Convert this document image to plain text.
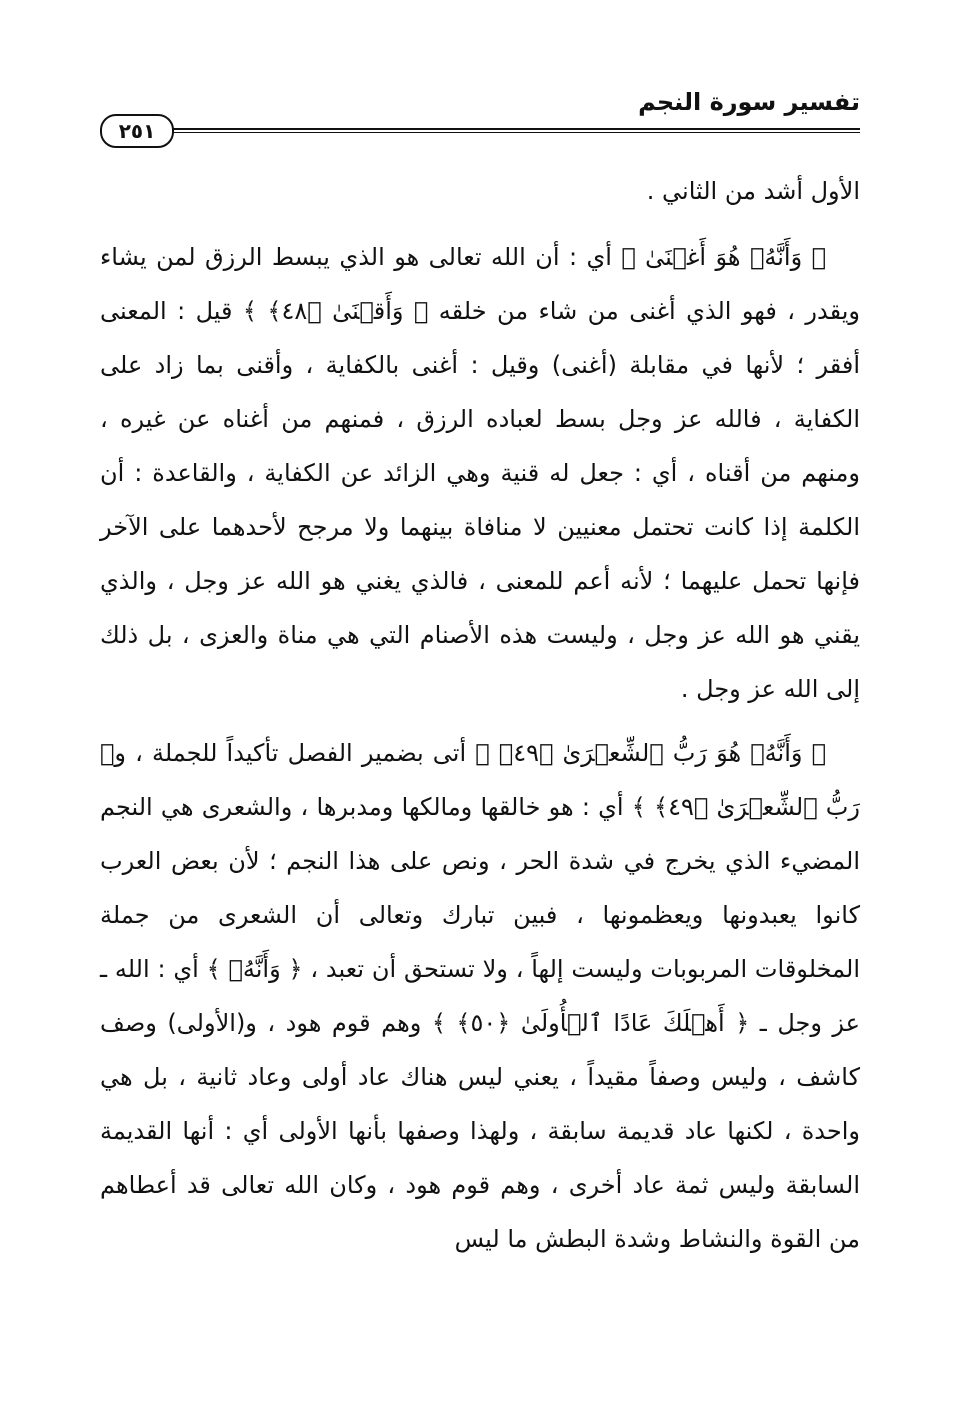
تفسير سورة النجم
٢٥١

الأول أشد من الثاني .

﴿ وَأَنَّهُۥ هُوَ أَغۡنَىٰ ﴾ أي : أن الله تعالى هو الذي يبسط الرزق لمن يشاء ويقدر ، فهو الذي أغنى من شاء من خلقه ﴿ وَأَقۡنَىٰ ﴿٤٨﴾ ﴾ قيل : المعنى أفقر ؛ لأنها في مقابلة (أغنى) وقيل : أغنى بالكفاية ، وأقنى بما زاد على الكفاية ، فالله عز وجل بسط لعباده الرزق ، فمنهم من أغناه عن غيره ، ومنهم من أقناه ، أي : جعل له قنية وهي الزائد عن الكفاية ، والقاعدة : أن الكلمة إذا كانت تحتمل معنيين لا منافاة بينهما ولا مرجح لأحدهما على الآخر فإنها تحمل عليهما ؛ لأنه أعم للمعنى ، فالذي يغني هو الله عز وجل ، والذي يقني هو الله عز وجل ، وليست هذه الأصنام التي هي مناة والعزى ، بل ذلك إلى الله عز وجل .

﴿ وَأَنَّهُۥ هُوَ رَبُّ ٱلشِّعۡرَىٰ ﴿٤٩﴾ ﴾ أتى بضمير الفصل تأكيداً للجملة ، و﴿ رَبُّ ٱلشِّعۡرَىٰ ﴿٤٩﴾ ﴾ أي : هو خالقها ومالكها ومدبرها ، والشعرى هي النجم المضيء الذي يخرج في شدة الحر ، ونص على هذا النجم ؛ لأن بعض العرب كانوا يعبدونها ويعظمونها ، فبين تبارك وتعالى أن الشعرى من جملة المخلوقات المربوبات وليست إلهاً ، ولا تستحق أن تعبد ، ﴿ وَأَنَّهُۥ ﴾ أي : الله ـ عز وجل ـ ﴿ أَهۡلَكَ عَادًا ٱلۡأُولَىٰ ﴿٥٠﴾ ﴾ وهم قوم هود ، و(الأولى) وصف كاشف ، وليس وصفاً مقيداً ، يعني ليس هناك عاد أولى وعاد ثانية ، بل هي واحدة ، لكنها عاد قديمة سابقة ، ولهذا وصفها بأنها الأولى أي : أنها القديمة السابقة وليس ثمة عاد أخرى ، وهم قوم هود ، وكان الله تعالى قد أعطاهم من القوة والنشاط وشدة البطش ما ليس
